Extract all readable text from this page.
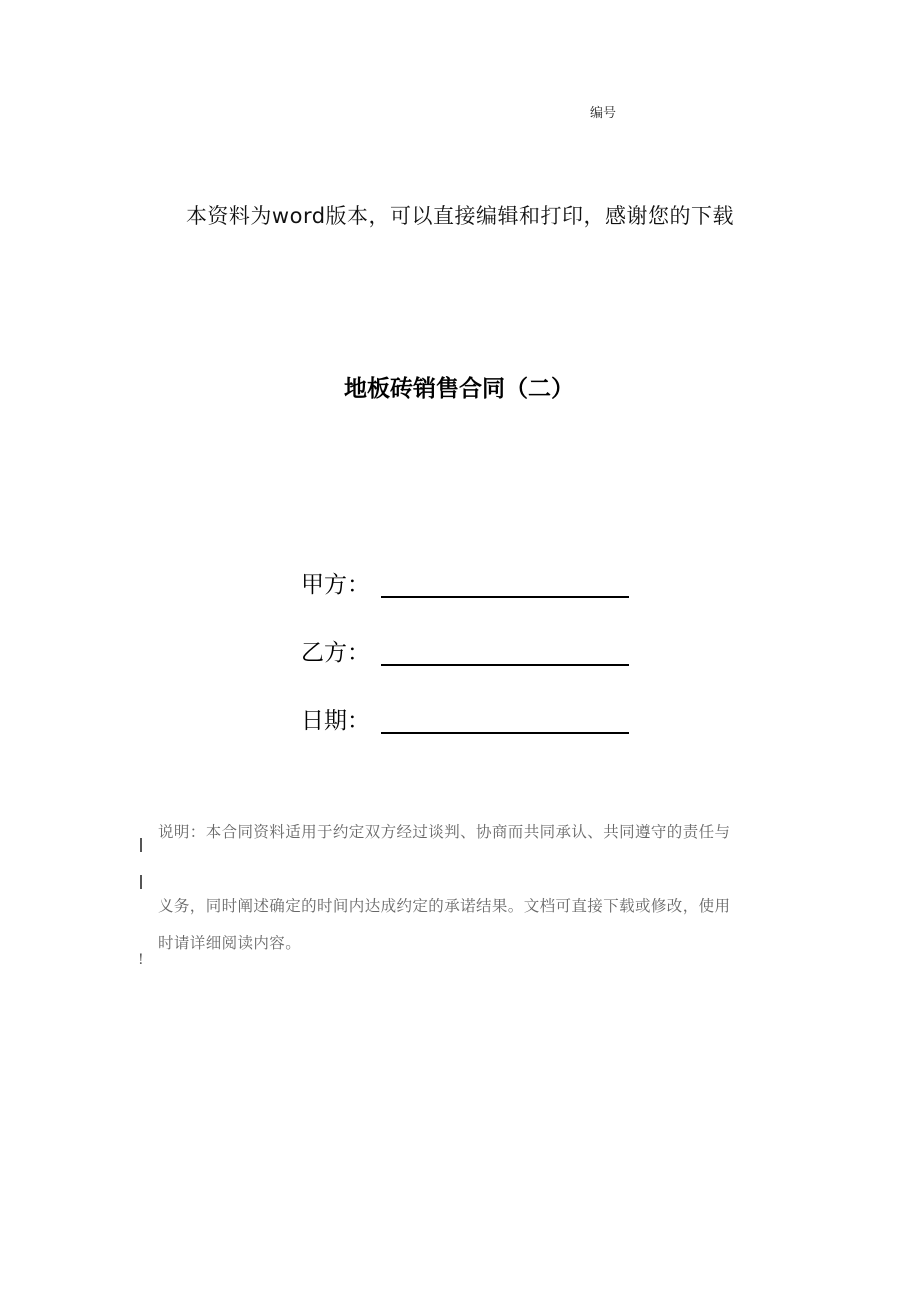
编号
本资料为word版本，可以直接编辑和打印，感谢您的下载
地板砖销售合同（二）
甲方：
乙方：
日期：
说明：本合同资料适用于约定双方经过谈判、协商而共同承认、共同遵守的责任与
义务，同时阐述确定的时间内达成约定的承诺结果。文档可直接下载或修改，使用
时请详细阅读内容。
!
